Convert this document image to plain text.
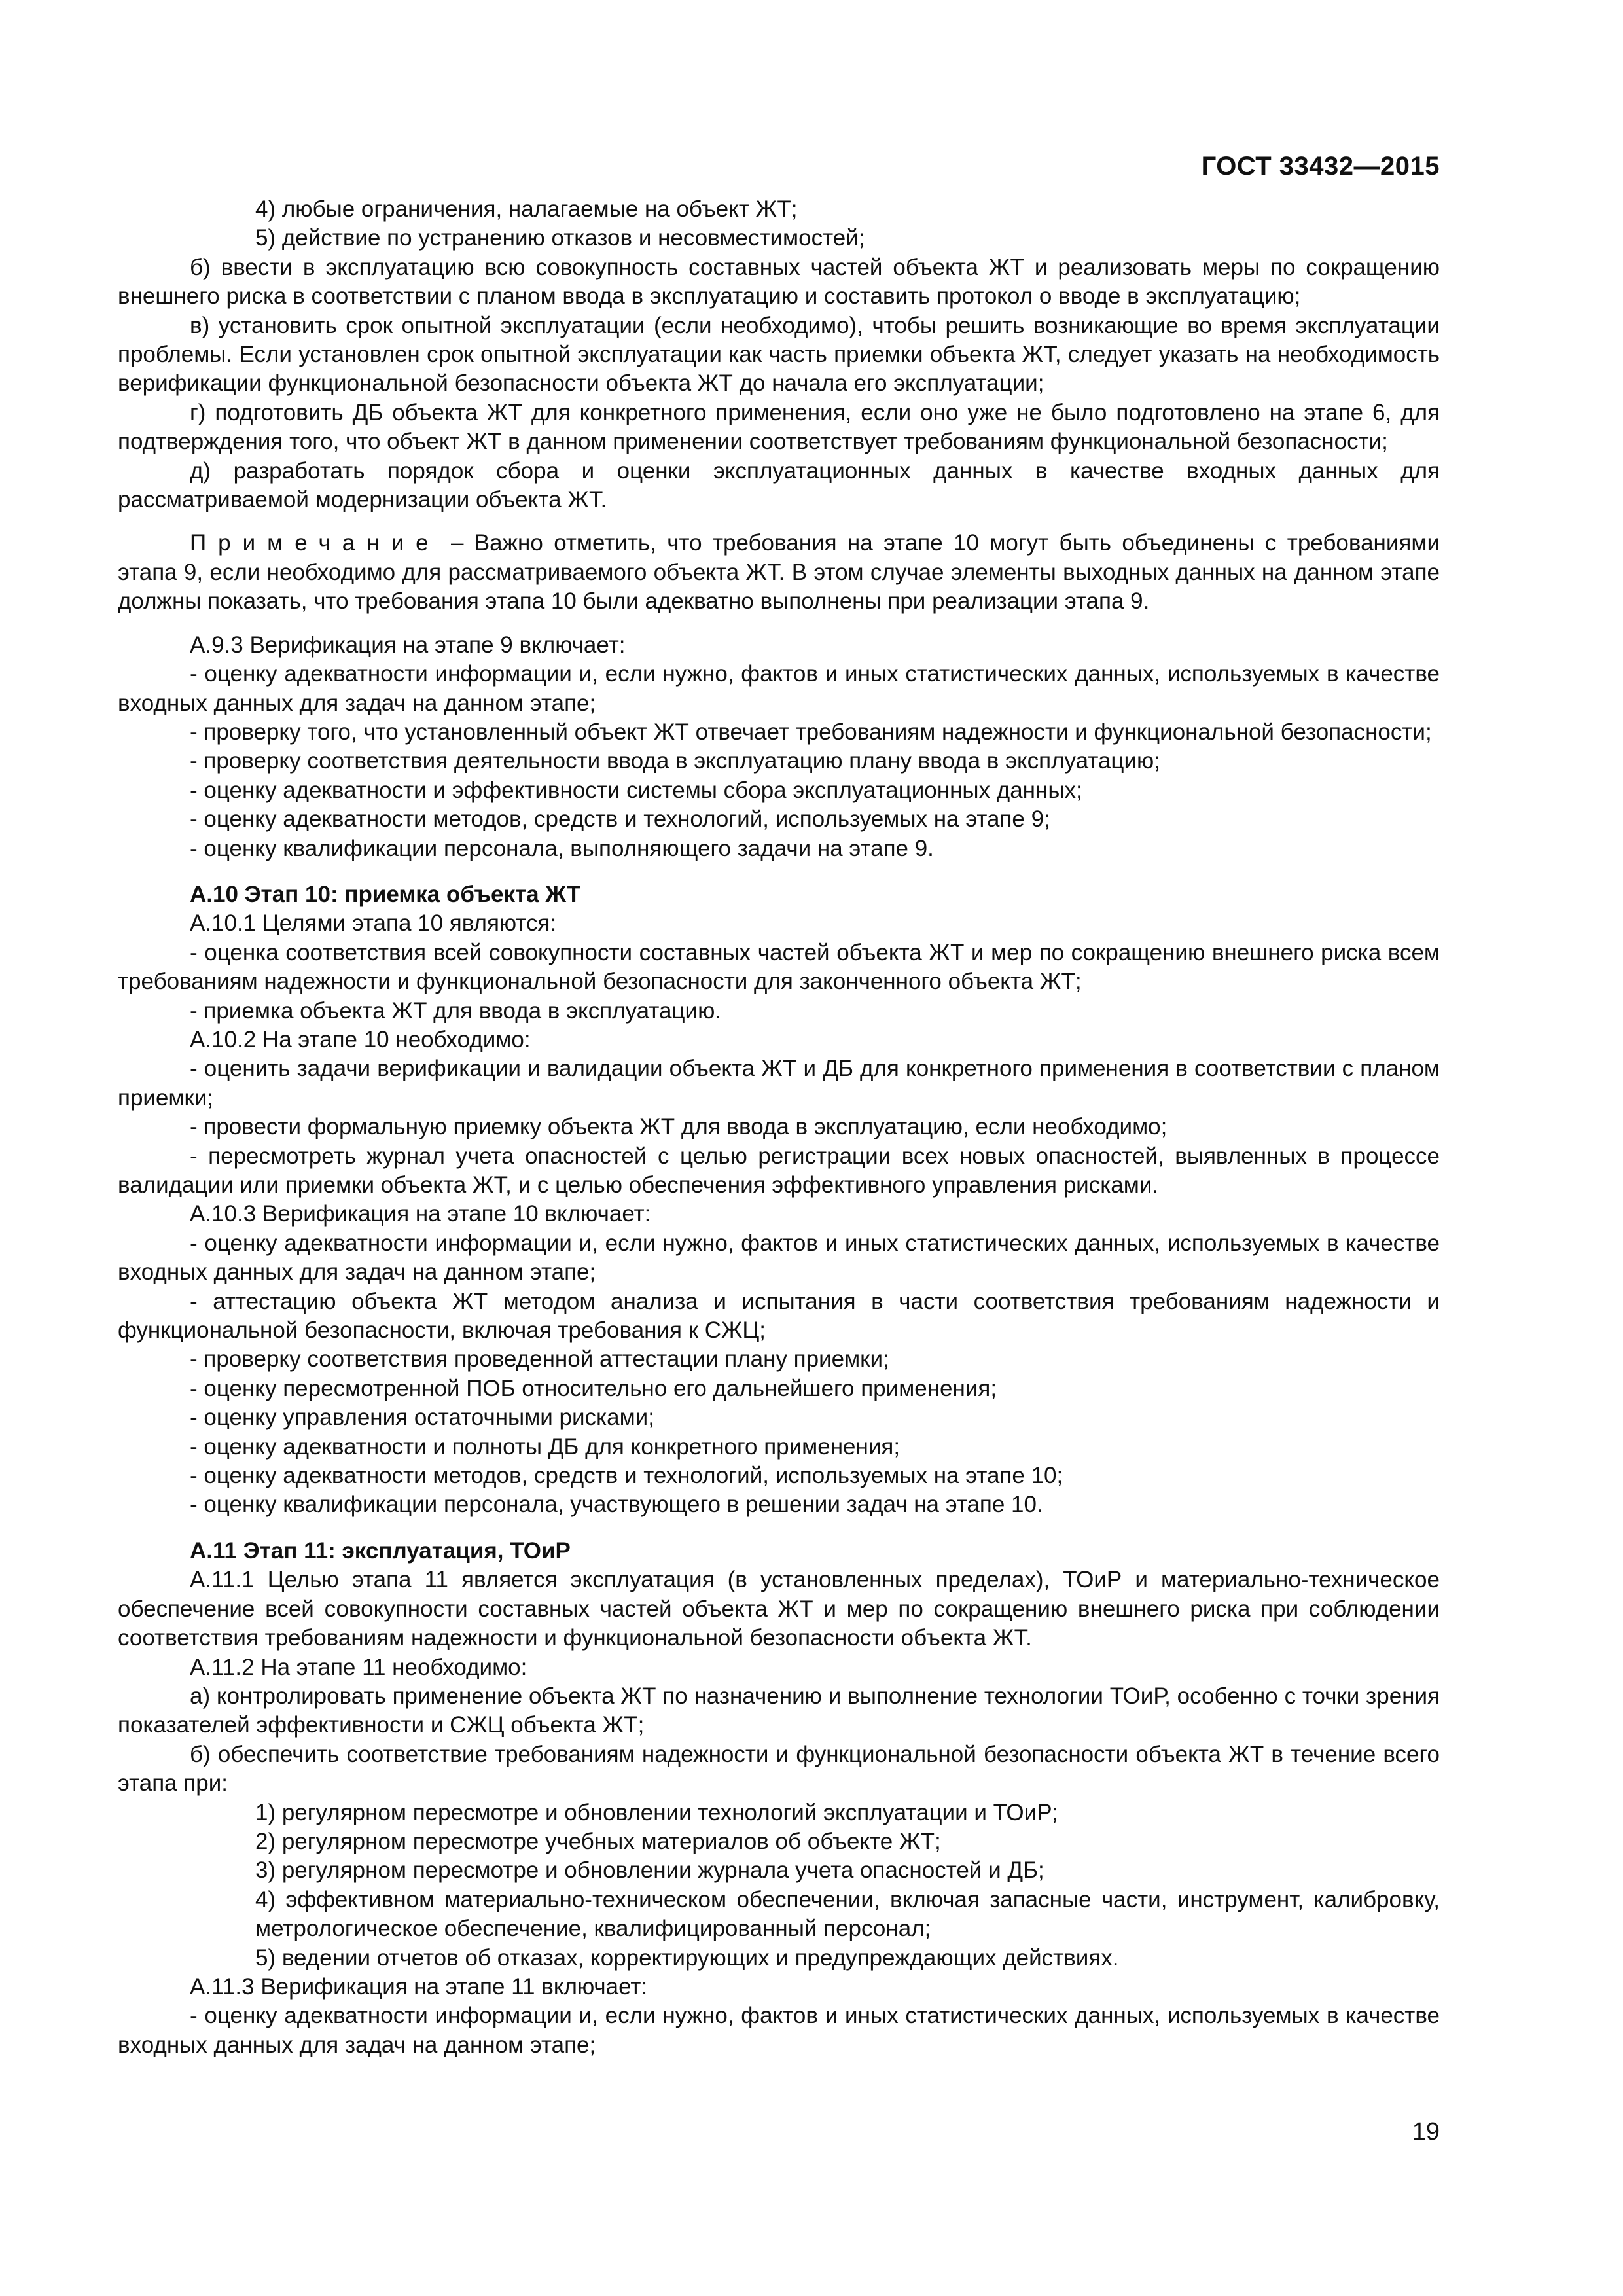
ГОСТ 33432—2015

4) любые ограничения, налагаемые на объект ЖТ;

5) действие по устранению отказов и несовместимостей;

б) ввести в эксплуатацию всю совокупность составных частей объекта ЖТ и реализовать меры по сокращению внешнего риска в соответствии с планом ввода в эксплуатацию и составить протокол о вводе в эксплуатацию;

в) установить срок опытной эксплуатации (если необходимо), чтобы решить возникающие во время эксплуатации проблемы. Если установлен срок опытной эксплуатации как часть приемки объекта ЖТ, следует указать на необходимость верификации функциональной безопасности объекта ЖТ до начала его эксплуатации;

г) подготовить ДБ объекта ЖТ для конкретного применения, если оно уже не было подготовлено на этапе 6, для подтверждения того, что объект ЖТ в данном применении соответствует требованиям функциональной безопасности;

д) разработать порядок сбора и оценки эксплуатационных данных в качестве входных данных для рассматриваемой модернизации объекта ЖТ.

Примечание – Важно отметить, что требования на этапе 10 могут быть объединены с требованиями этапа 9, если необходимо для рассматриваемого объекта ЖТ. В этом случае элементы выходных данных на данном этапе должны показать, что требования этапа 10 были адекватно выполнены при реализации этапа 9.

А.9.3 Верификация на этапе 9 включает:

- оценку адекватности информации и, если нужно, фактов и иных статистических данных, используемых в качестве входных данных для задач на данном этапе;

- проверку того, что установленный объект ЖТ отвечает требованиям надежности и функциональной безопасности;

- проверку соответствия деятельности ввода в эксплуатацию плану ввода в эксплуатацию;

- оценку адекватности и эффективности системы сбора эксплуатационных данных;

- оценку адекватности методов, средств и технологий, используемых на этапе 9;

- оценку квалификации персонала, выполняющего задачи на этапе 9.

А.10 Этап 10: приемка объекта ЖТ

А.10.1 Целями этапа 10 являются:

- оценка соответствия всей совокупности составных частей объекта ЖТ и мер по сокращению внешнего риска всем требованиям надежности и функциональной безопасности для законченного объекта ЖТ;

- приемка объекта ЖТ для ввода в эксплуатацию.

А.10.2 На этапе 10 необходимо:

- оценить задачи верификации и валидации объекта ЖТ и ДБ для конкретного применения в соответствии с планом приемки;

- провести формальную приемку объекта ЖТ для ввода в эксплуатацию, если необходимо;

- пересмотреть журнал учета опасностей с целью регистрации всех новых опасностей, выявленных в процессе валидации или приемки объекта ЖТ, и с целью обеспечения эффективного управления рисками.

А.10.3 Верификация на этапе 10 включает:

- оценку адекватности информации и, если нужно, фактов и иных статистических данных, используемых в качестве входных данных для задач на данном этапе;

- аттестацию объекта ЖТ методом анализа и испытания в части соответствия требованиям надежности и функциональной безопасности, включая требования к СЖЦ;

- проверку соответствия проведенной аттестации плану приемки;

- оценку пересмотренной ПОБ относительно его дальнейшего применения;

- оценку управления остаточными рисками;

- оценку адекватности и полноты ДБ для конкретного применения;

- оценку адекватности методов, средств и технологий, используемых на этапе 10;

- оценку квалификации персонала, участвующего в решении задач на этапе 10.

А.11 Этап 11: эксплуатация, ТОиР

А.11.1 Целью этапа 11 является эксплуатация (в установленных пределах), ТОиР и материально-техническое обеспечение всей совокупности составных частей объекта ЖТ и мер по сокращению внешнего риска при соблюдении соответствия требованиям надежности и функциональной безопасности объекта ЖТ.

А.11.2 На этапе 11 необходимо:

а) контролировать применение объекта ЖТ по назначению и выполнение технологии ТОиР, особенно с точки зрения показателей эффективности и СЖЦ объекта ЖТ;

б) обеспечить соответствие требованиям надежности и функциональной безопасности объекта ЖТ в течение всего этапа при:

1) регулярном пересмотре и обновлении технологий эксплуатации и ТОиР;

2) регулярном пересмотре учебных материалов об объекте ЖТ;

3) регулярном пересмотре и обновлении журнала учета опасностей и ДБ;

4) эффективном материально-техническом обеспечении, включая запасные части, инструмент, калибровку, метрологическое обеспечение, квалифицированный персонал;

5) ведении отчетов об отказах, корректирующих и предупреждающих действиях.

А.11.3 Верификация на этапе 11 включает:

- оценку адекватности информации и, если нужно, фактов и иных статистических данных, используемых в качестве входных данных для задач на данном этапе;

19
